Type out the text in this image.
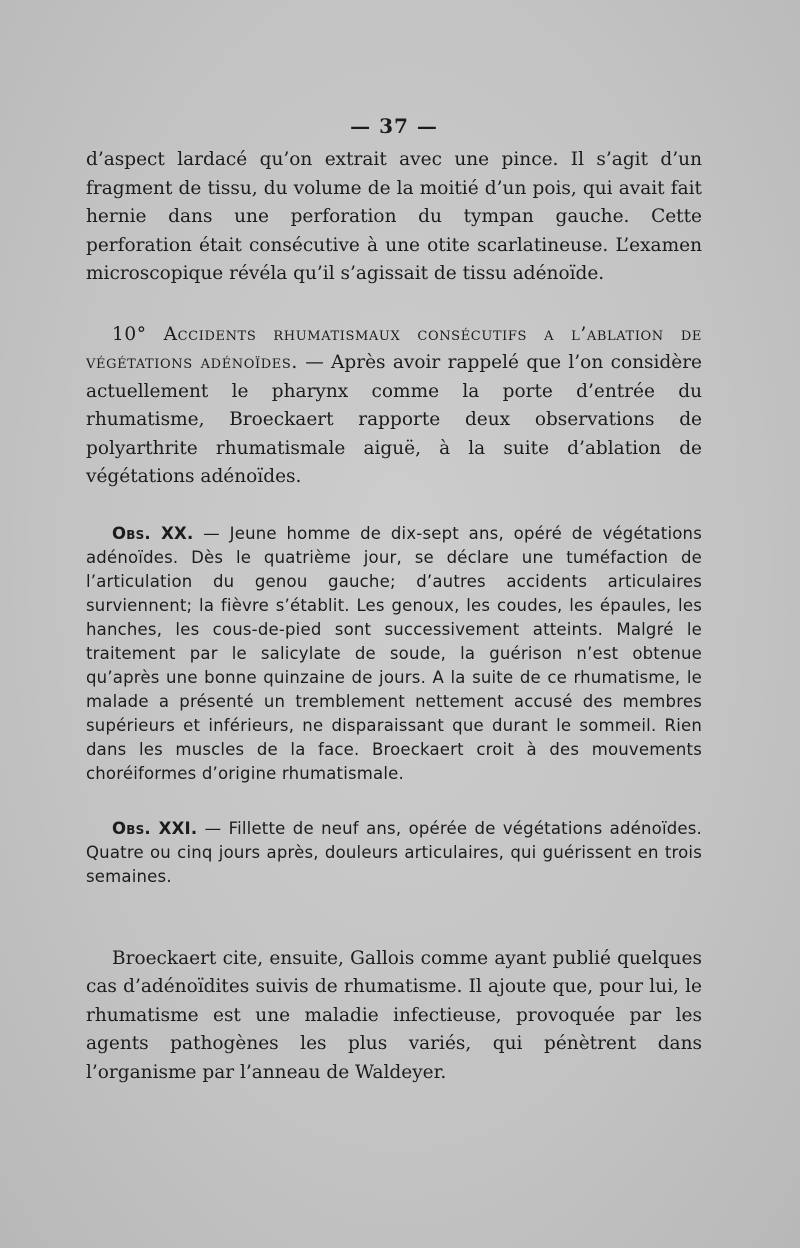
— 37 —

d’aspect lardacé qu’on extrait avec une pince. Il s’agit d’un fragment de tissu, du volume de la moitié d’un pois, qui avait fait hernie dans une perforation du tympan gauche. Cette perforation était consécutive à une otite scarlatineuse. L’examen microscopique révéla qu’il s’agissait de tissu adénoïde.

10° Accidents rhumatismaux consécutifs a l’ablation de végétations adénoïdes. — Après avoir rappelé que l’on considère actuellement le pharynx comme la porte d’entrée du rhumatisme, Broeckaert rapporte deux observations de polyarthrite rhumatismale aiguë, à la suite d’ablation de végétations adénoïdes.

Obs. XX. — Jeune homme de dix-sept ans, opéré de végétations adénoïdes. Dès le quatrième jour, se déclare une tuméfaction de l’articulation du genou gauche; d’autres accidents articulaires surviennent; la fièvre s’établit. Les genoux, les coudes, les épaules, les hanches, les cous-de-pied sont successivement atteints. Malgré le traitement par le salicylate de soude, la guérison n’est obtenue qu’après une bonne quinzaine de jours. A la suite de ce rhumatisme, le malade a présenté un tremblement nettement accusé des membres supérieurs et inférieurs, ne disparaissant que durant le sommeil. Rien dans les muscles de la face. Broeckaert croit à des mouvements choréiformes d’origine rhumatismale.

Obs. XXI. — Fillette de neuf ans, opérée de végétations adénoïdes. Quatre ou cinq jours après, douleurs articulaires, qui guérissent en trois semaines.

Broeckaert cite, ensuite, Gallois comme ayant publié quelques cas d’adénoïdites suivis de rhumatisme. Il ajoute que, pour lui, le rhumatisme est une maladie infectieuse, provoquée par les agents pathogènes les plus variés, qui pénètrent dans l’organisme par l’anneau de Waldeyer.
